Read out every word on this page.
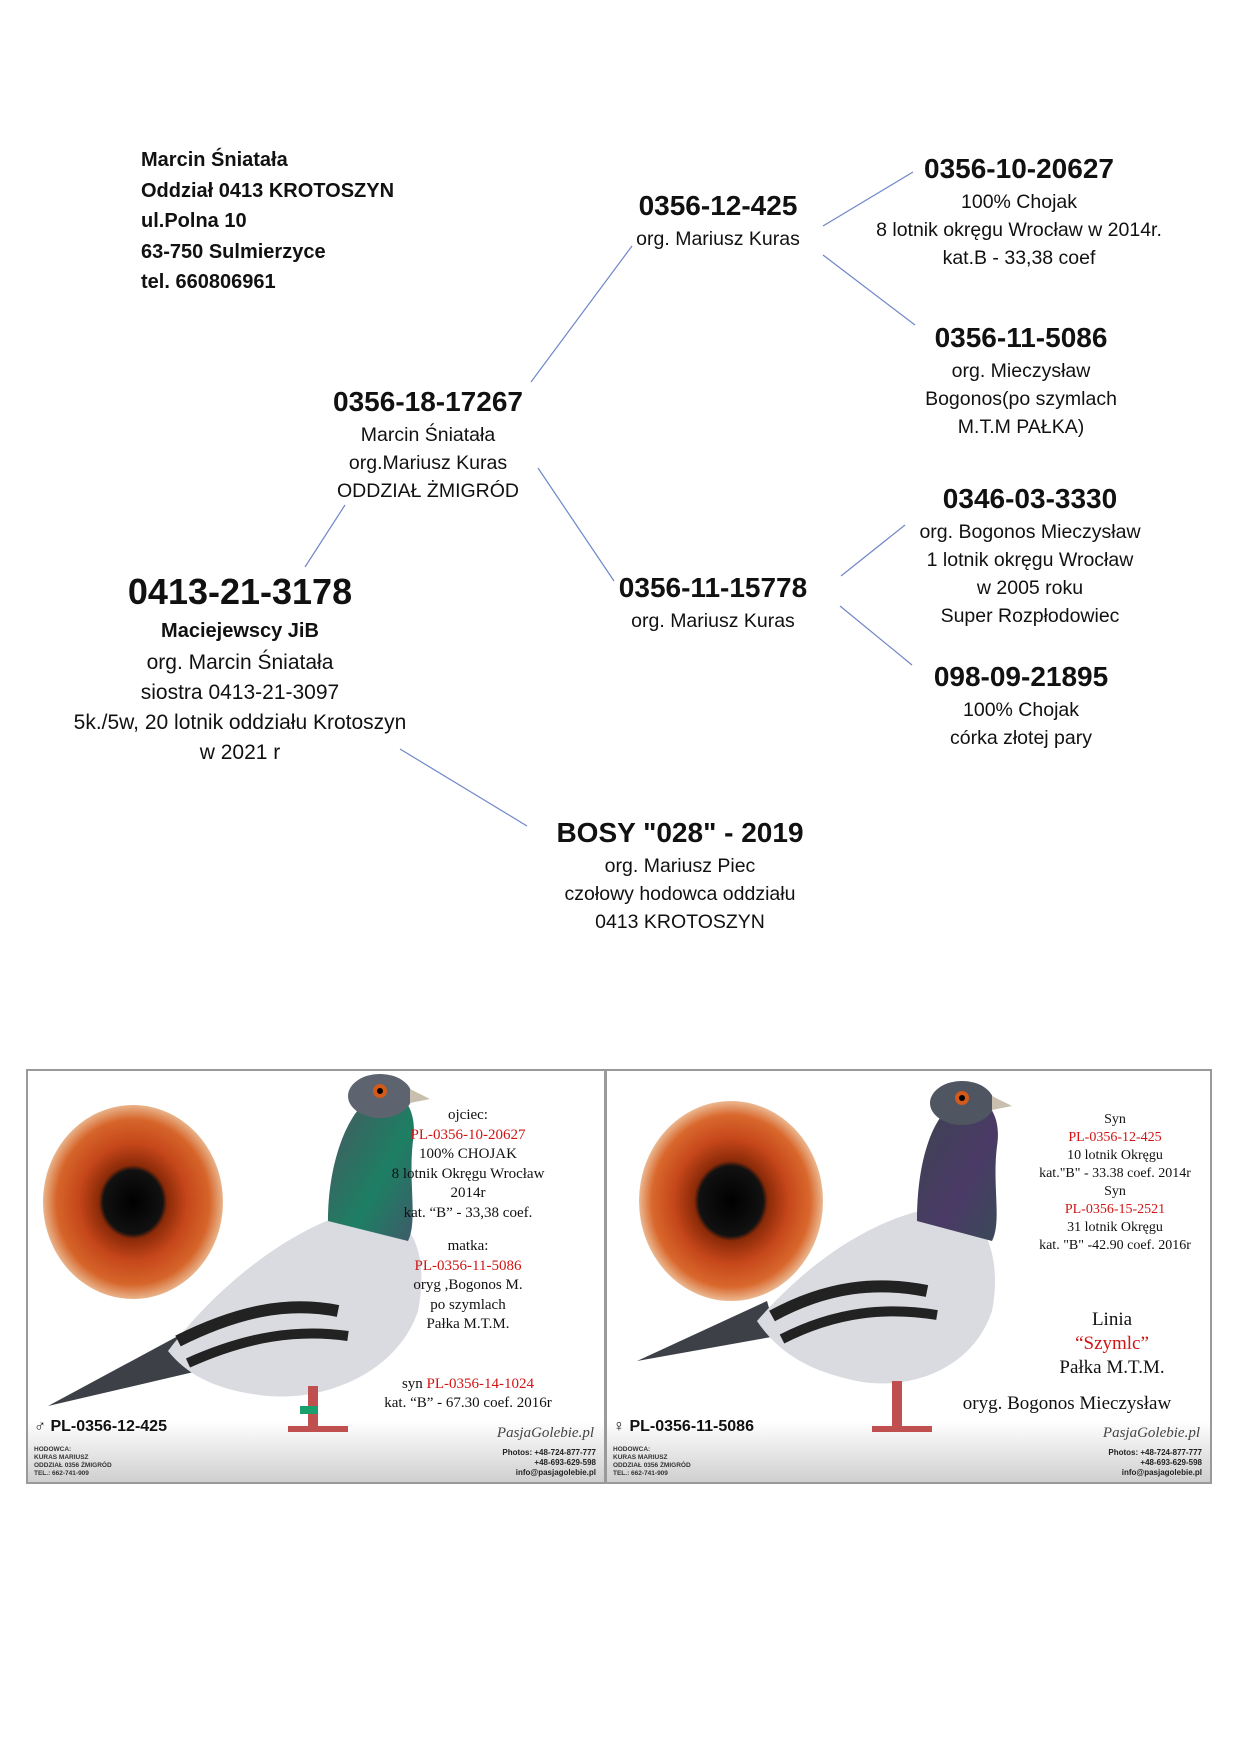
Marcin Śniatała
Oddział 0413 KROTOSZYN
ul.Polna 10
63-750 Sulmierzyce
tel. 660806961
0413-21-3178
Maciejewscy JiB
org. Marcin Śniatała
siostra 0413-21-3097
5k./5w, 20 lotnik oddziału Krotoszyn
w 2021 r
0356-18-17267
Marcin Śniatała
org.Mariusz Kuras
ODDZIAŁ ŻMIGRÓD
BOSY "028" - 2019
org. Mariusz Piec
czołowy hodowca oddziału
0413 KROTOSZYN
0356-12-425
org. Mariusz Kuras
0356-11-15778
org. Mariusz Kuras
0356-10-20627
100% Chojak
8 lotnik okręgu Wrocław w 2014r.
kat.B - 33,38 coef
0356-11-5086
org. Mieczysław
Bogonos(po szymlach
M.T.M PAŁKA)
0346-03-3330
org. Bogonos Mieczysław
1 lotnik okręgu Wrocław
w 2005 roku
Super Rozpłodowiec
098-09-21895
100% Chojak
córka złotej pary
ojciec:
PL-0356-10-20627
100% CHOJAK
8 lotnik Okręgu Wrocław
2014r
kat. “B” - 33,38 coef.
matka:
PL-0356-11-5086
oryg ,Bogonos M.
po szymlach
Pałka M.T.M.
syn PL-0356-14-1024
kat. “B” - 67.30 coef. 2016r
♂ PL-0356-12-425
HODOWCA:
KURAS MARIUSZ
ODDZIAŁ 0356 ŻMIGRÓD
TEL.: 662-741-909
PasjaGolebie.pl
Photos: +48-724-877-777
+48-693-629-598
info@pasjagolebie.pl
Syn
PL-0356-12-425
10 lotnik Okręgu
kat."B" - 33.38 coef. 2014r
Syn
PL-0356-15-2521
31 lotnik Okręgu
kat. "B" -42.90 coef. 2016r
Linia
“Szymlc”
Pałka M.T.M.
oryg. Bogonos Mieczysław
♀ PL-0356-11-5086
HODOWCA:
KURAS MARIUSZ
ODDZIAŁ 0356 ŻMIGRÓD
TEL.: 662-741-909
PasjaGolebie.pl
Photos: +48-724-877-777
+48-693-629-598
info@pasjagolebie.pl
